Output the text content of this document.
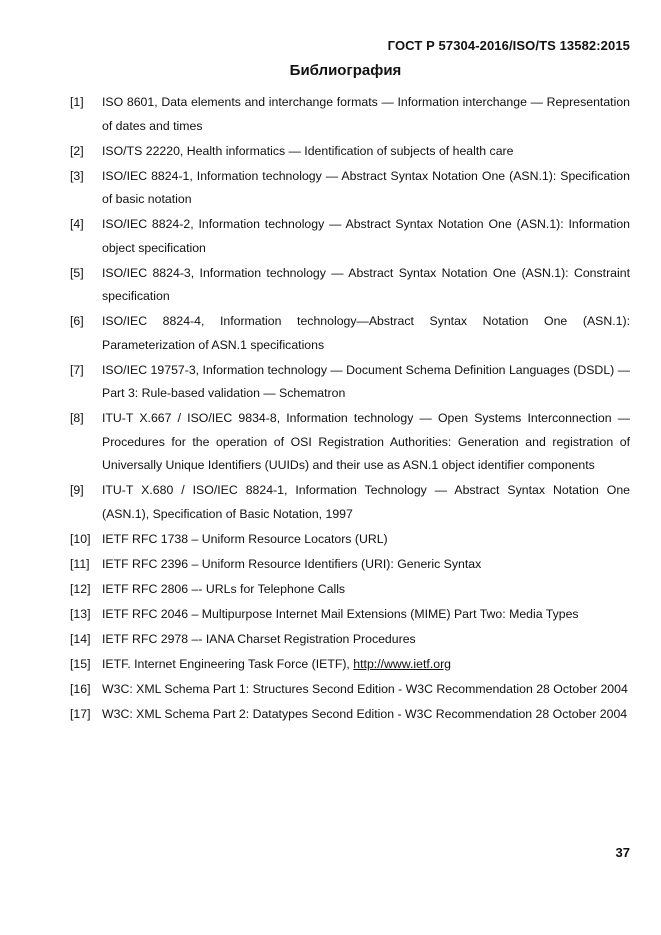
ГОСТ Р 57304-2016/ISO/TS 13582:2015
Библиография
[1]	ISO 8601, Data elements and interchange formats — Information interchange — Representation of dates and times
[2]	ISO/TS 22220, Health informatics — Identification of subjects of health care
[3]	ISO/IEC 8824-1, Information technology — Abstract Syntax Notation One (ASN.1): Specification of basic notation
[4]	ISO/IEC 8824-2, Information technology — Abstract Syntax Notation One (ASN.1): Information object specification
[5]	ISO/IEC 8824-3, Information technology — Abstract Syntax Notation One (ASN.1): Constraint specification
[6]	ISO/IEC 8824-4, Information technology—Abstract Syntax Notation One (ASN.1): Parameterization of ASN.1 specifications
[7]	ISO/IEC 19757-3, Information technology — Document Schema Definition Languages (DSDL) — Part 3: Rule-based validation — Schematron
[8]	ITU-T X.667 / ISO/IEC 9834-8, Information technology — Open Systems Interconnection — Procedures for the operation of OSI Registration Authorities: Generation and registration of Universally Unique Identifiers (UUIDs) and their use as ASN.1 object identifier components
[9]	ITU-T X.680 / ISO/IEC 8824-1, Information Technology — Abstract Syntax Notation One (ASN.1), Specification of Basic Notation, 1997
[10] IETF RFC 1738 – Uniform Resource Locators (URL)
[11]	IETF RFC 2396 – Uniform Resource Identifiers (URI): Generic Syntax
[12] IETF RFC 2806 –- URLs for Telephone Calls
[13] IETF RFC 2046 – Multipurpose Internet Mail Extensions (MIME) Part Two: Media Types
[14] IETF RFC 2978 –- IANA Charset Registration Procedures
[15] IETF. Internet Engineering Task Force (IETF), http://www.ietf.org
[16] W3C: XML Schema Part 1: Structures Second Edition - W3C Recommendation 28 October 2004
[17] W3C: XML Schema Part 2: Datatypes Second Edition - W3C Recommendation 28 October 2004
37
